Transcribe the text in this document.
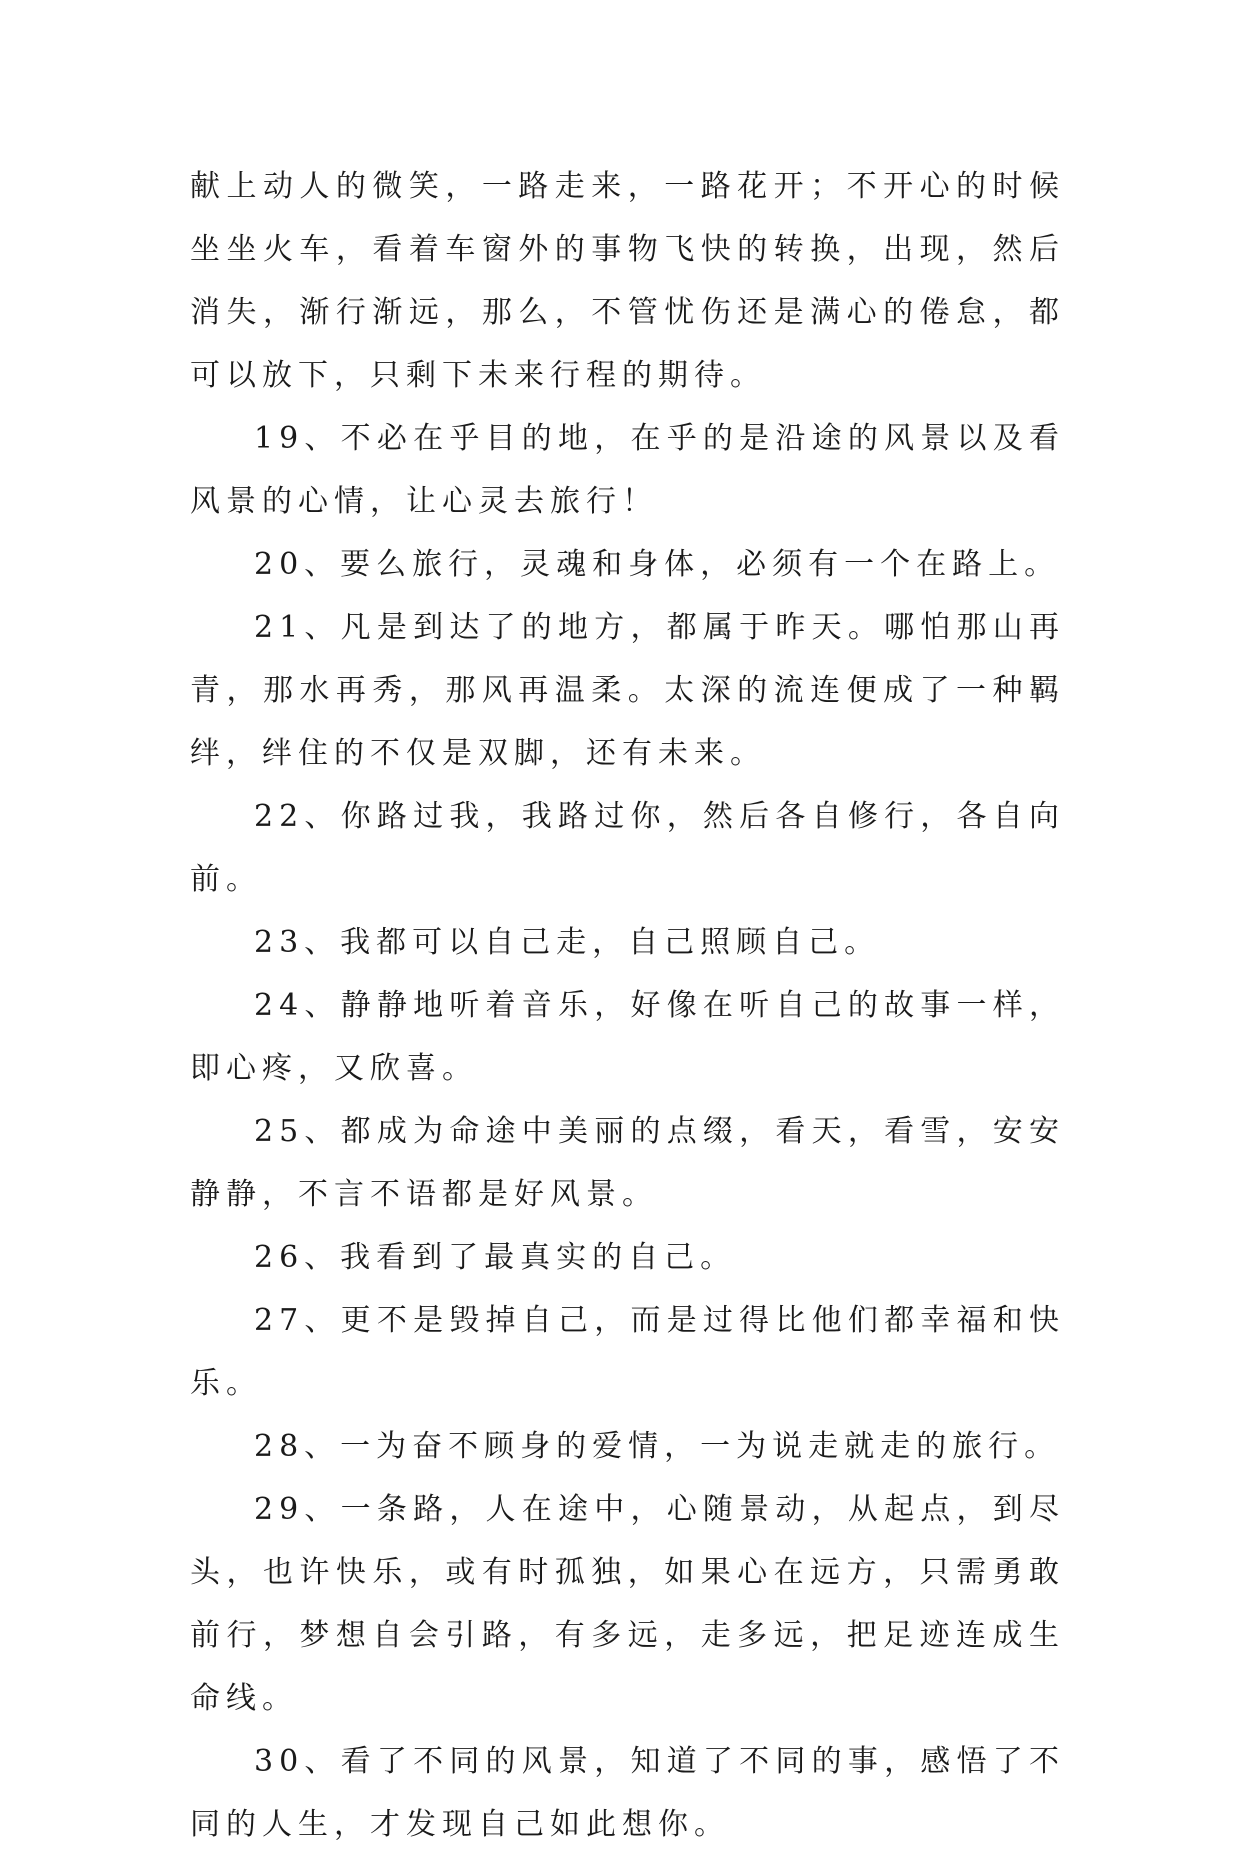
献上动人的微笑，一路走来，一路花开；不开心的时候坐坐火车，看着车窗外的事物飞快的转换，出现，然后消失，渐行渐远，那么，不管忧伤还是满心的倦怠，都可以放下，只剩下未来行程的期待。

19、不必在乎目的地，在乎的是沿途的风景以及看风景的心情，让心灵去旅行！

20、要么旅行，灵魂和身体，必须有一个在路上。

21、凡是到达了的地方，都属于昨天。哪怕那山再青，那水再秀，那风再温柔。太深的流连便成了一种羁绊，绊住的不仅是双脚，还有未来。

22、你路过我，我路过你，然后各自修行，各自向前。

23、我都可以自己走，自己照顾自己。

24、静静地听着音乐，好像在听自己的故事一样，即心疼，又欣喜。

25、都成为命途中美丽的点缀，看天，看雪，安安静静，不言不语都是好风景。

26、我看到了最真实的自己。

27、更不是毁掉自己，而是过得比他们都幸福和快乐。

28、一为奋不顾身的爱情，一为说走就走的旅行。

29、一条路，人在途中，心随景动，从起点，到尽头，也许快乐，或有时孤独，如果心在远方，只需勇敢前行，梦想自会引路，有多远，走多远，把足迹连成生命线。

30、看了不同的风景，知道了不同的事，感悟了不同的人生，才发现自己如此想你。
